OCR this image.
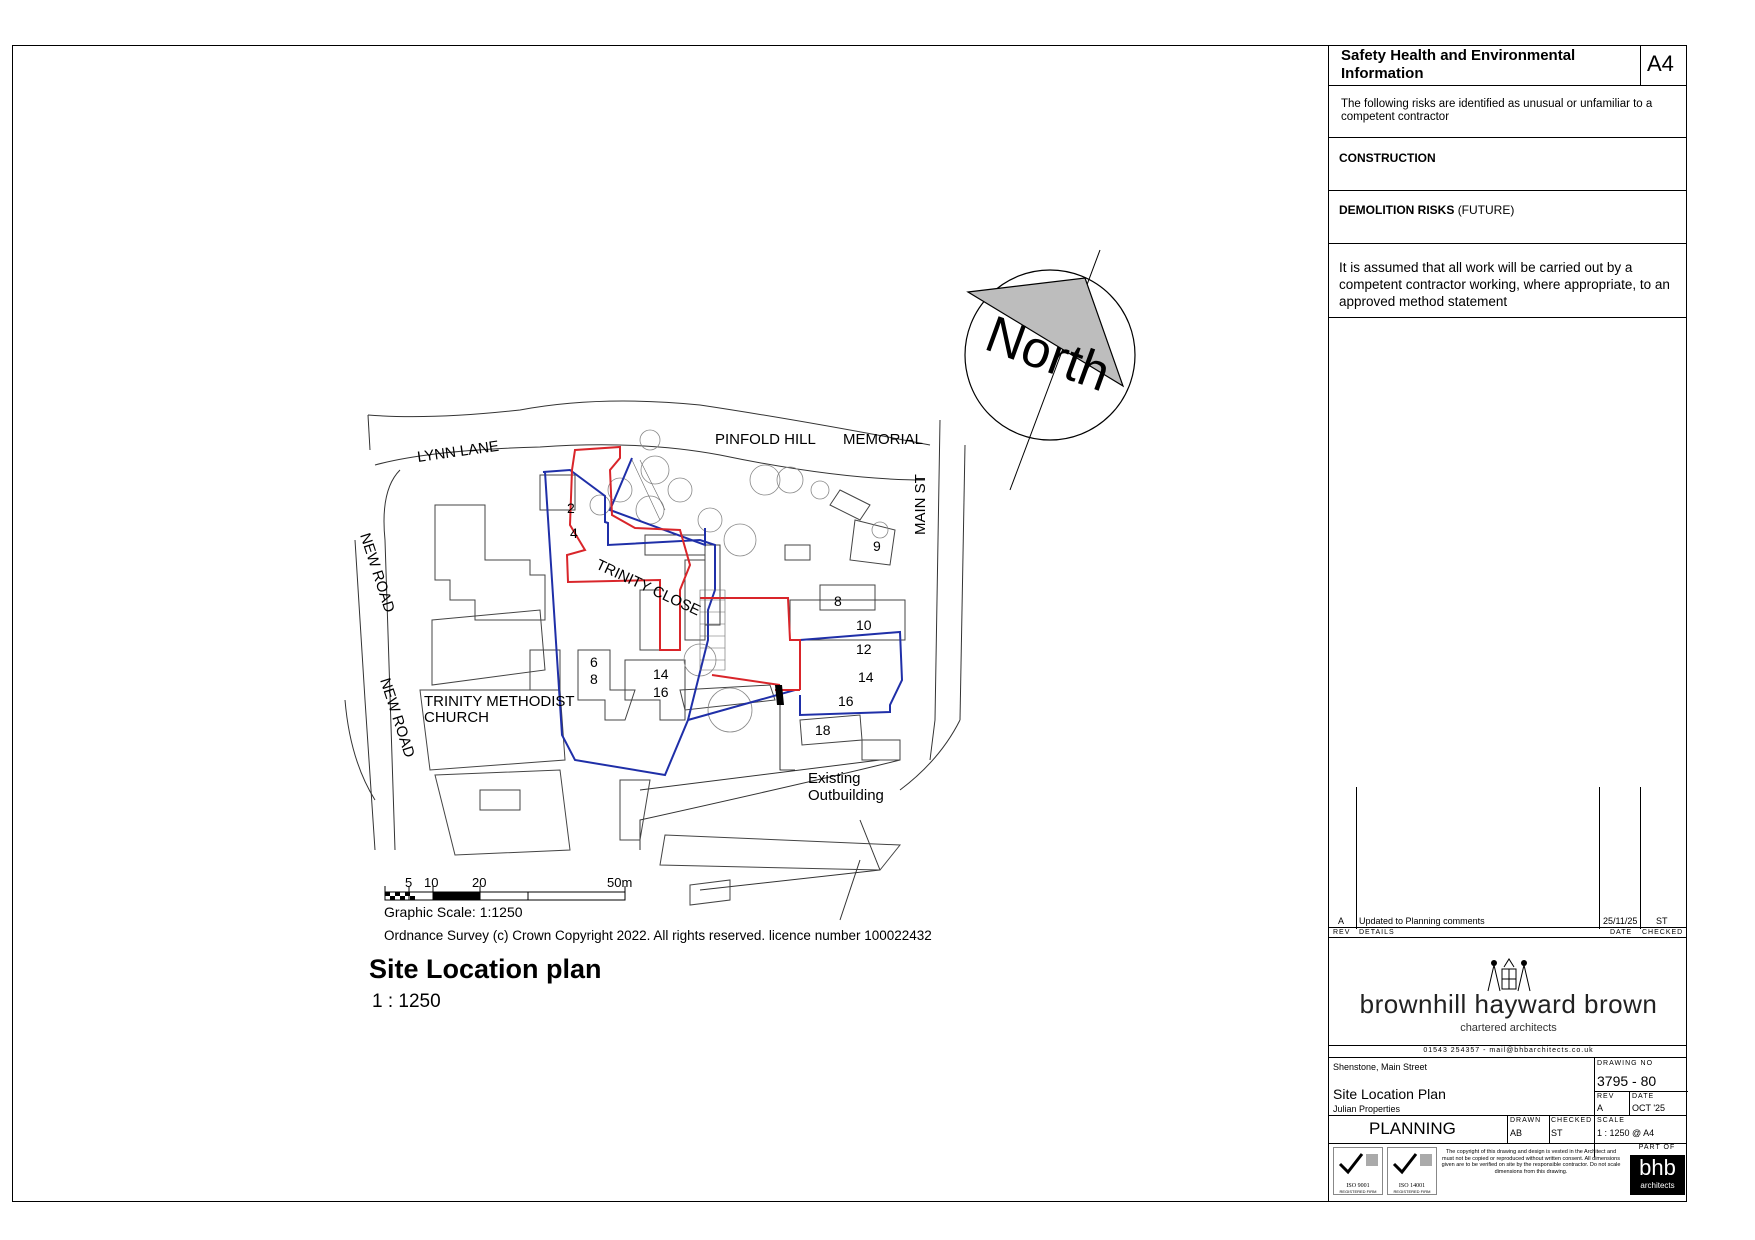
North
LYNN LANE	PINFOLD HILL MEMORIAL
MAIN ST
NEW ROAD
NEW ROAD
TRINITY CLOSE
TRINITY METHODIST
CHURCH
Existing
Outbuilding
2
4
6
8
9
8
10
12
14
16
14
16
18
5 10	20	50m
Graphic Scale: 1:1250
Ordnance Survey (c) Crown Copyright 2022. All rights reserved. licence number 100022432
Site Location plan
1 : 1250
Safety Health and Environmental Information	A4
The following risks are identified as unusual or unfamiliar to a competent contractor
CONSTRUCTION
DEMOLITION RISKS (FUTURE)
It is assumed that all work will be carried out by a competent contractor working, where appropriate, to an approved method statement
A Updated to Planning comments	25/11/25 ST
REV DETAILS	DATE CHECKED
brownhill hayward brown
chartered architects
01543 254357 - mail@bhbarchitects.co.uk
Shenstone, Main Street	DRAWING NO
3795 - 80
Site Location Plan	REV
A
DATE
OCT '25
Julian Properties
PLANNING	DRAWN
AB
CHECKED
ST
SCALE
1 : 1250 @ A4
ISO 9001
REGISTERED FIRM
ISO 14001
REGISTERED FIRM
The copyright of this drawing and design is vested in the Architect and must not be copied or reproduced without written consent. All dimensions given are to be verified on site by the responsible contractor. Do not scale dimensions from this drawing.
PART OF
bhb
architects
